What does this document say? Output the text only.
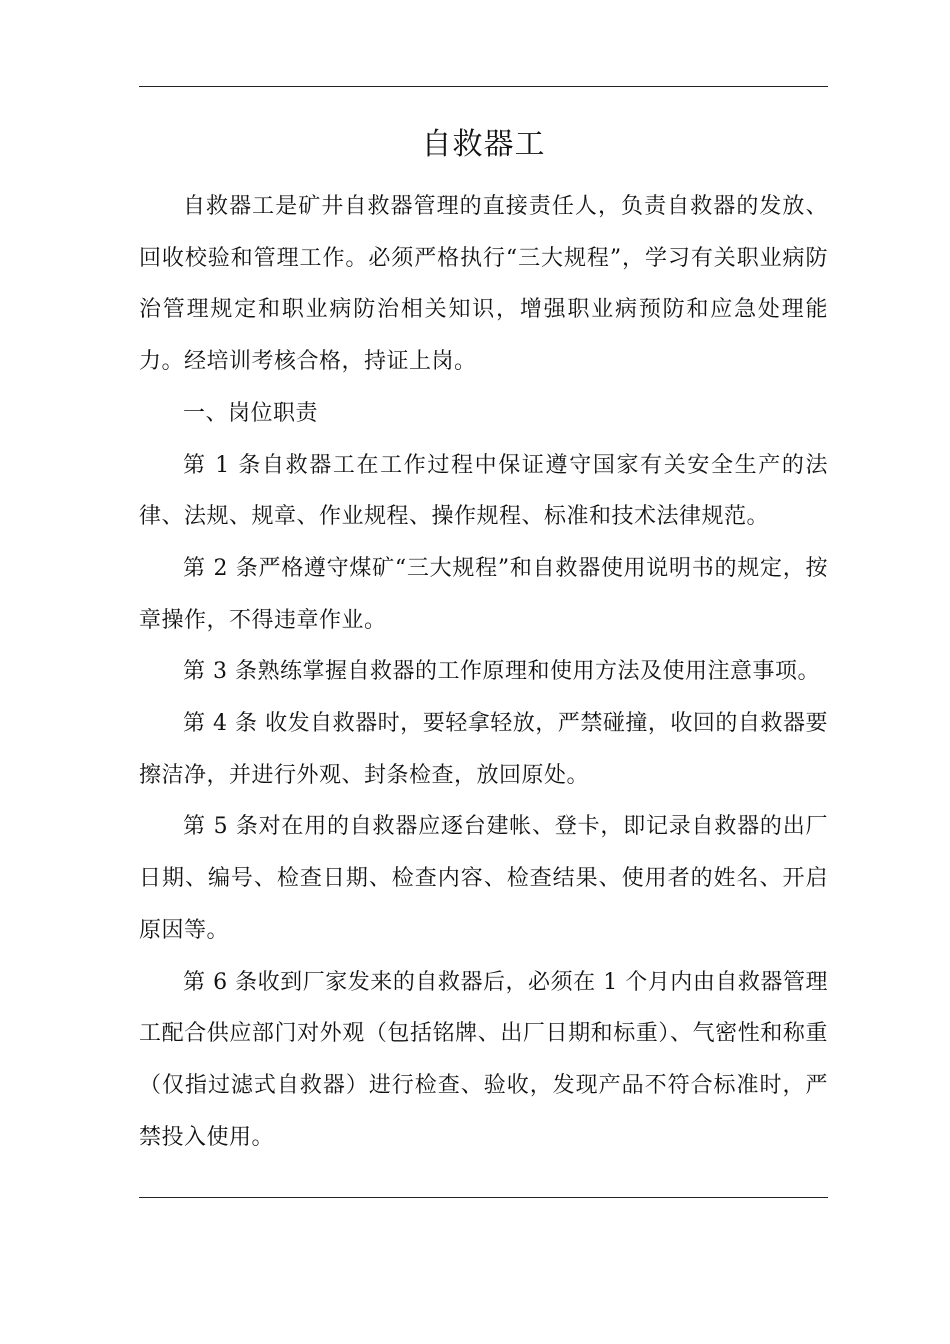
自救器工

自救器工是矿井自救器管理的直接责任人，负责自救器的发放、回收校验和管理工作。必须严格执行“三大规程”，学习有关职业病防治管理规定和职业病防治相关知识，增强职业病预防和应急处理能力。经培训考核合格，持证上岗。

一、岗位职责

第 1 条自救器工在工作过程中保证遵守国家有关安全生产的法律、法规、规章、作业规程、操作规程、标准和技术法律规范。

第 2 条严格遵守煤矿“三大规程”和自救器使用说明书的规定，按章操作，不得违章作业。

第 3 条熟练掌握自救器的工作原理和使用方法及使用注意事项。

第 4 条 收发自救器时，要轻拿轻放，严禁碰撞，收回的自救器要擦洁净，并进行外观、封条检查，放回原处。

第 5 条对在用的自救器应逐台建帐、登卡，即记录自救器的出厂日期、编号、检查日期、检查内容、检查结果、使用者的姓名、开启原因等。

第 6 条收到厂家发来的自救器后，必须在 1 个月内由自救器管理工配合供应部门对外观（包括铭牌、出厂日期和标重）、气密性和称重（仅指过滤式自救器）进行检查、验收，发现产品不符合标准时，严禁投入使用。
